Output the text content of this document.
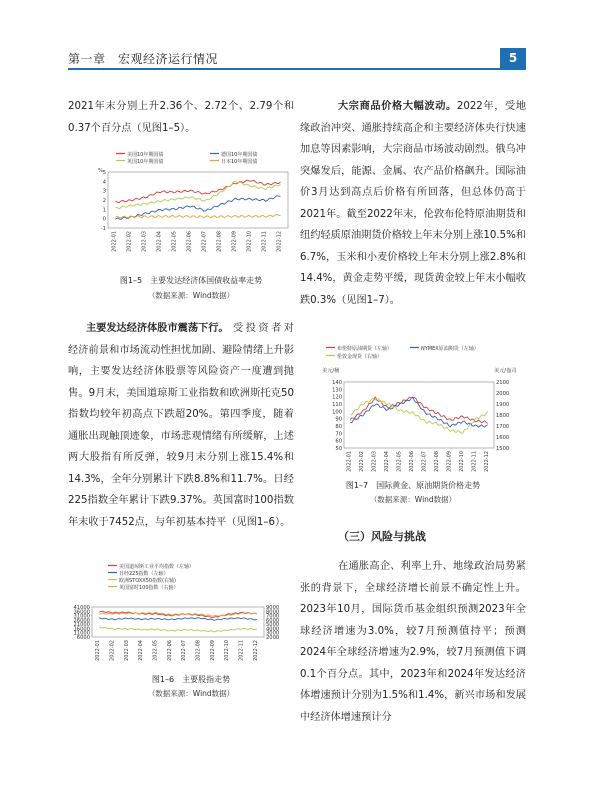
第一章　宏观经济运行情况	5

2021年末分别上升2.36个、2.72个、2.79个和0.37个百分点（见图1–5）。

美国10年期国债	德国10年期国债
英国10年期国债	日本10年期国债
5
4
3
2
1
0
-1
2022-01 2022-02 2022-03 2022-04 2022-05 2022-06 2022-07 2022-08 2022-09 2022-10 2022-11 2022-12
%
图1–5　主要发达经济体国债收益率走势
（数据来源：Wind数据）

主要发达经济体股市震荡下行。 受投资者对经济前景和市场流动性担忧加剧、避险情绪上升影响，主要发达经济体股票等风险资产一度遭到抛售。9月末，美国道琼斯工业指数和欧洲斯托克50指数均较年初高点下跌超20%。第四季度，随着通胀出现触顶迹象，市场悲观情绪有所缓解，上述两大股指有所反弹，较9月末分别上涨15.4%和14.3%，全年分别累计下跌8.8%和11.7%。日经225指数全年累计下跌9.37%。英国富时100指数年末收于7452点，与年初基本持平（见图1–6）。

美国道琼斯工业平均指数（左轴）
日经225指数（左轴）
欧洲STOXX50指数(右轴)
英国富时100指数（右轴）
41000
36000
31000
26000
21000
16000
11000
6000
9000
8000
7000
6000
5000
4000
3000
2000
2022-01 2022-02 2022-03 2022-04 2022-05 2022-06 2022-07 2022-08 2022-09 2022-10 2022-11 2022-12
图1–6　主要股指走势
（数据来源：Wind数据）

大宗商品价格大幅波动。2022年，受地缘政治冲突、通胀持续高企和主要经济体央行快速加息等因素影响，大宗商品市场波动剧烈。俄乌冲突爆发后，能源、金属、农产品价格飙升。国际油价3月达到高点后价格有所回落，但总体仍高于2021年。截至2022年末，伦敦布伦特原油期货和纽约轻质原油期货价格较上年末分别上涨10.5%和6.7%，玉米和小麦价格较上年末分别上涨2.8%和14.4%，黄金走势平缓，现货黄金较上年末小幅收跌0.3%（见图1–7）。

布伦特原油期货（左轴）	NYMEX原油期货（左轴）
伦敦金现货（右轴）
140
130
120
110
100
90
80
70
60
50
2100
2000
1900
1800
1700
1600
1500
2022-01 2022-02 2022-03 2022-04 2022-05 2022-06 2022-07 2022-08 2022-09 2022-10 2022-11 2022-12
美元/桶	美元/盎司
图1–7　国际黄金、原油期货价格走势
（数据来源：Wind数据）
（三）风险与挑战

在通胀高企、利率上升、地缘政治局势紧张的背景下，全球经济增长前景不确定性上升。2023年10月，国际货币基金组织预测2023年全球经济增速为3.0%，较7月预测值持平；预测2024年全球经济增速为2.9%，较7月预测值下调0.1个百分点。其中，2023年和2024年发达经济体增速预计分别为1.5%和1.4%，新兴市场和发展中经济体增速预计分
